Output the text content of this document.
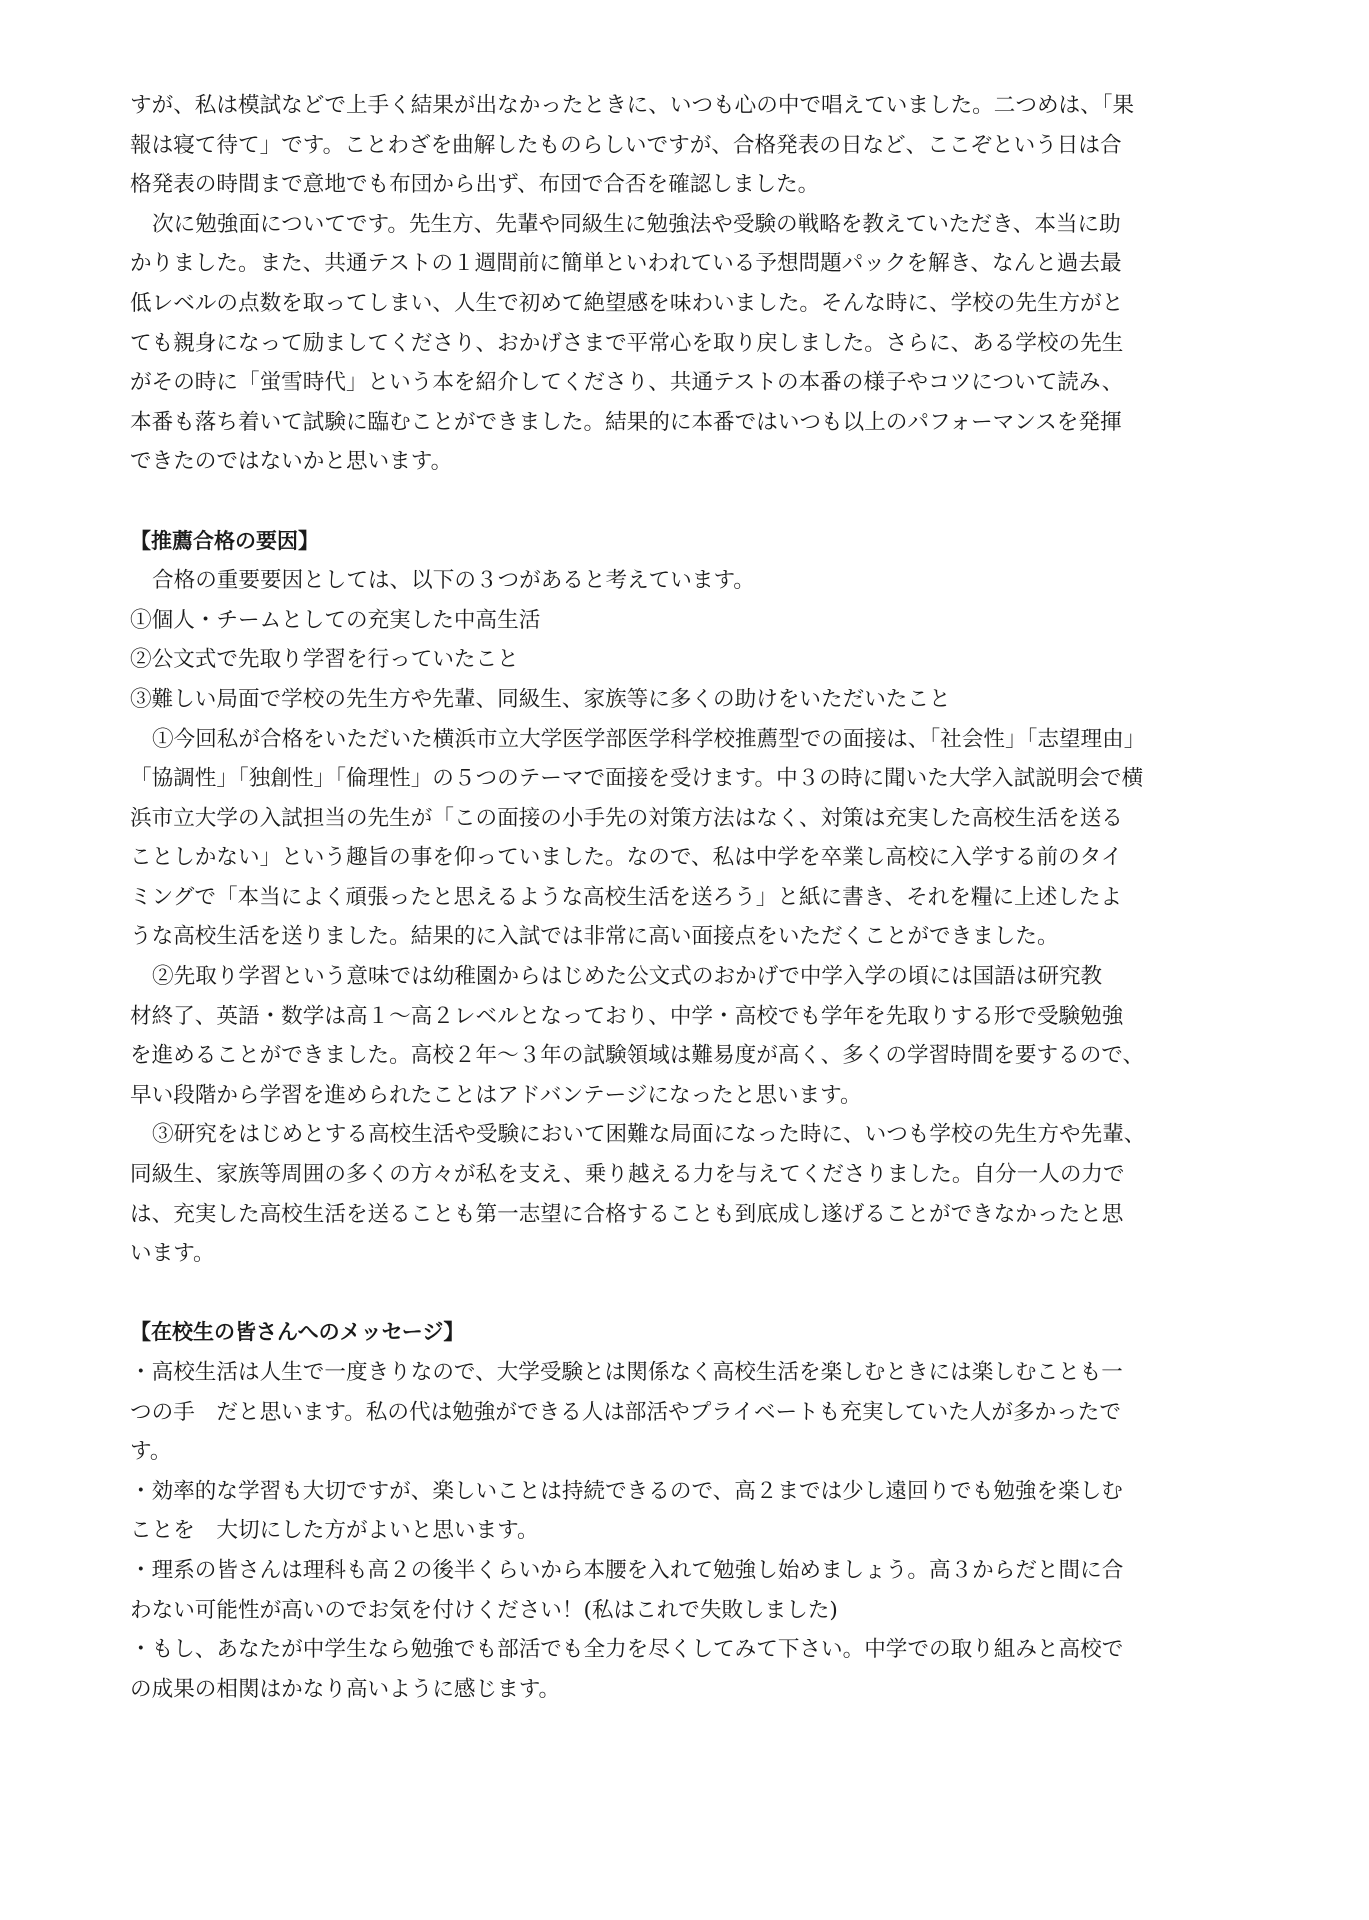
すが、私は模試などで上手く結果が出なかったときに、いつも心の中で唱えていました。二つめは、「果
報は寝て待て」です。ことわざを曲解したものらしいですが、合格発表の日など、ここぞという日は合
格発表の時間まで意地でも布団から出ず、布団で合否を確認しました。

次に勉強面についてです。先生方、先輩や同級生に勉強法や受験の戦略を教えていただき、本当に助
かりました。また、共通テストの１週間前に簡単といわれている予想問題パックを解き、なんと過去最
低レベルの点数を取ってしまい、人生で初めて絶望感を味わいました。そんな時に、学校の先生方がと
ても親身になって励ましてくださり、おかげさまで平常心を取り戻しました。さらに、ある学校の先生
がその時に「蛍雪時代」という本を紹介してくださり、共通テストの本番の様子やコツについて読み、
本番も落ち着いて試験に臨むことができました。結果的に本番ではいつも以上のパフォーマンスを発揮
できたのではないかと思います。

【推薦合格の要因】

合格の重要要因としては、以下の３つがあると考えています。

①個人・チームとしての充実した中高生活
②公文式で先取り学習を行っていたこと
③難しい局面で学校の先生方や先輩、同級生、家族等に多くの助けをいただいたこと

①今回私が合格をいただいた横浜市立大学医学部医学科学校推薦型での面接は、「社会性」「志望理由」
「協調性」「独創性」「倫理性」の５つのテーマで面接を受けます。中３の時に聞いた大学入試説明会で横
浜市立大学の入試担当の先生が「この面接の小手先の対策方法はなく、対策は充実した高校生活を送る
ことしかない」という趣旨の事を仰っていました。なので、私は中学を卒業し高校に入学する前のタイ
ミングで「本当によく頑張ったと思えるような高校生活を送ろう」と紙に書き、それを糧に上述したよ
うな高校生活を送りました。結果的に入試では非常に高い面接点をいただくことができました。

②先取り学習という意味では幼稚園からはじめた公文式のおかげで中学入学の頃には国語は研究教
材終了、英語・数学は高１～高２レベルとなっており、中学・高校でも学年を先取りする形で受験勉強
を進めることができました。高校２年～３年の試験領域は難易度が高く、多くの学習時間を要するので、
早い段階から学習を進められたことはアドバンテージになったと思います。

③研究をはじめとする高校生活や受験において困難な局面になった時に、いつも学校の先生方や先輩、
同級生、家族等周囲の多くの方々が私を支え、乗り越える力を与えてくださりました。自分一人の力で
は、充実した高校生活を送ることも第一志望に合格することも到底成し遂げることができなかったと思
います。

【在校生の皆さんへのメッセージ】

・高校生活は人生で一度きりなので、大学受験とは関係なく高校生活を楽しむときには楽しむことも一
つの手　だと思います。私の代は勉強ができる人は部活やプライベートも充実していた人が多かったで
す。

・効率的な学習も大切ですが、楽しいことは持続できるので、高２までは少し遠回りでも勉強を楽しむ
ことを　大切にした方がよいと思います。

・理系の皆さんは理科も高２の後半くらいから本腰を入れて勉強し始めましょう。高３からだと間に合
わない可能性が高いのでお気を付けください！(私はこれで失敗しました)

・もし、あなたが中学生なら勉強でも部活でも全力を尽くしてみて下さい。中学での取り組みと高校で
の成果の相関はかなり高いように感じます。
